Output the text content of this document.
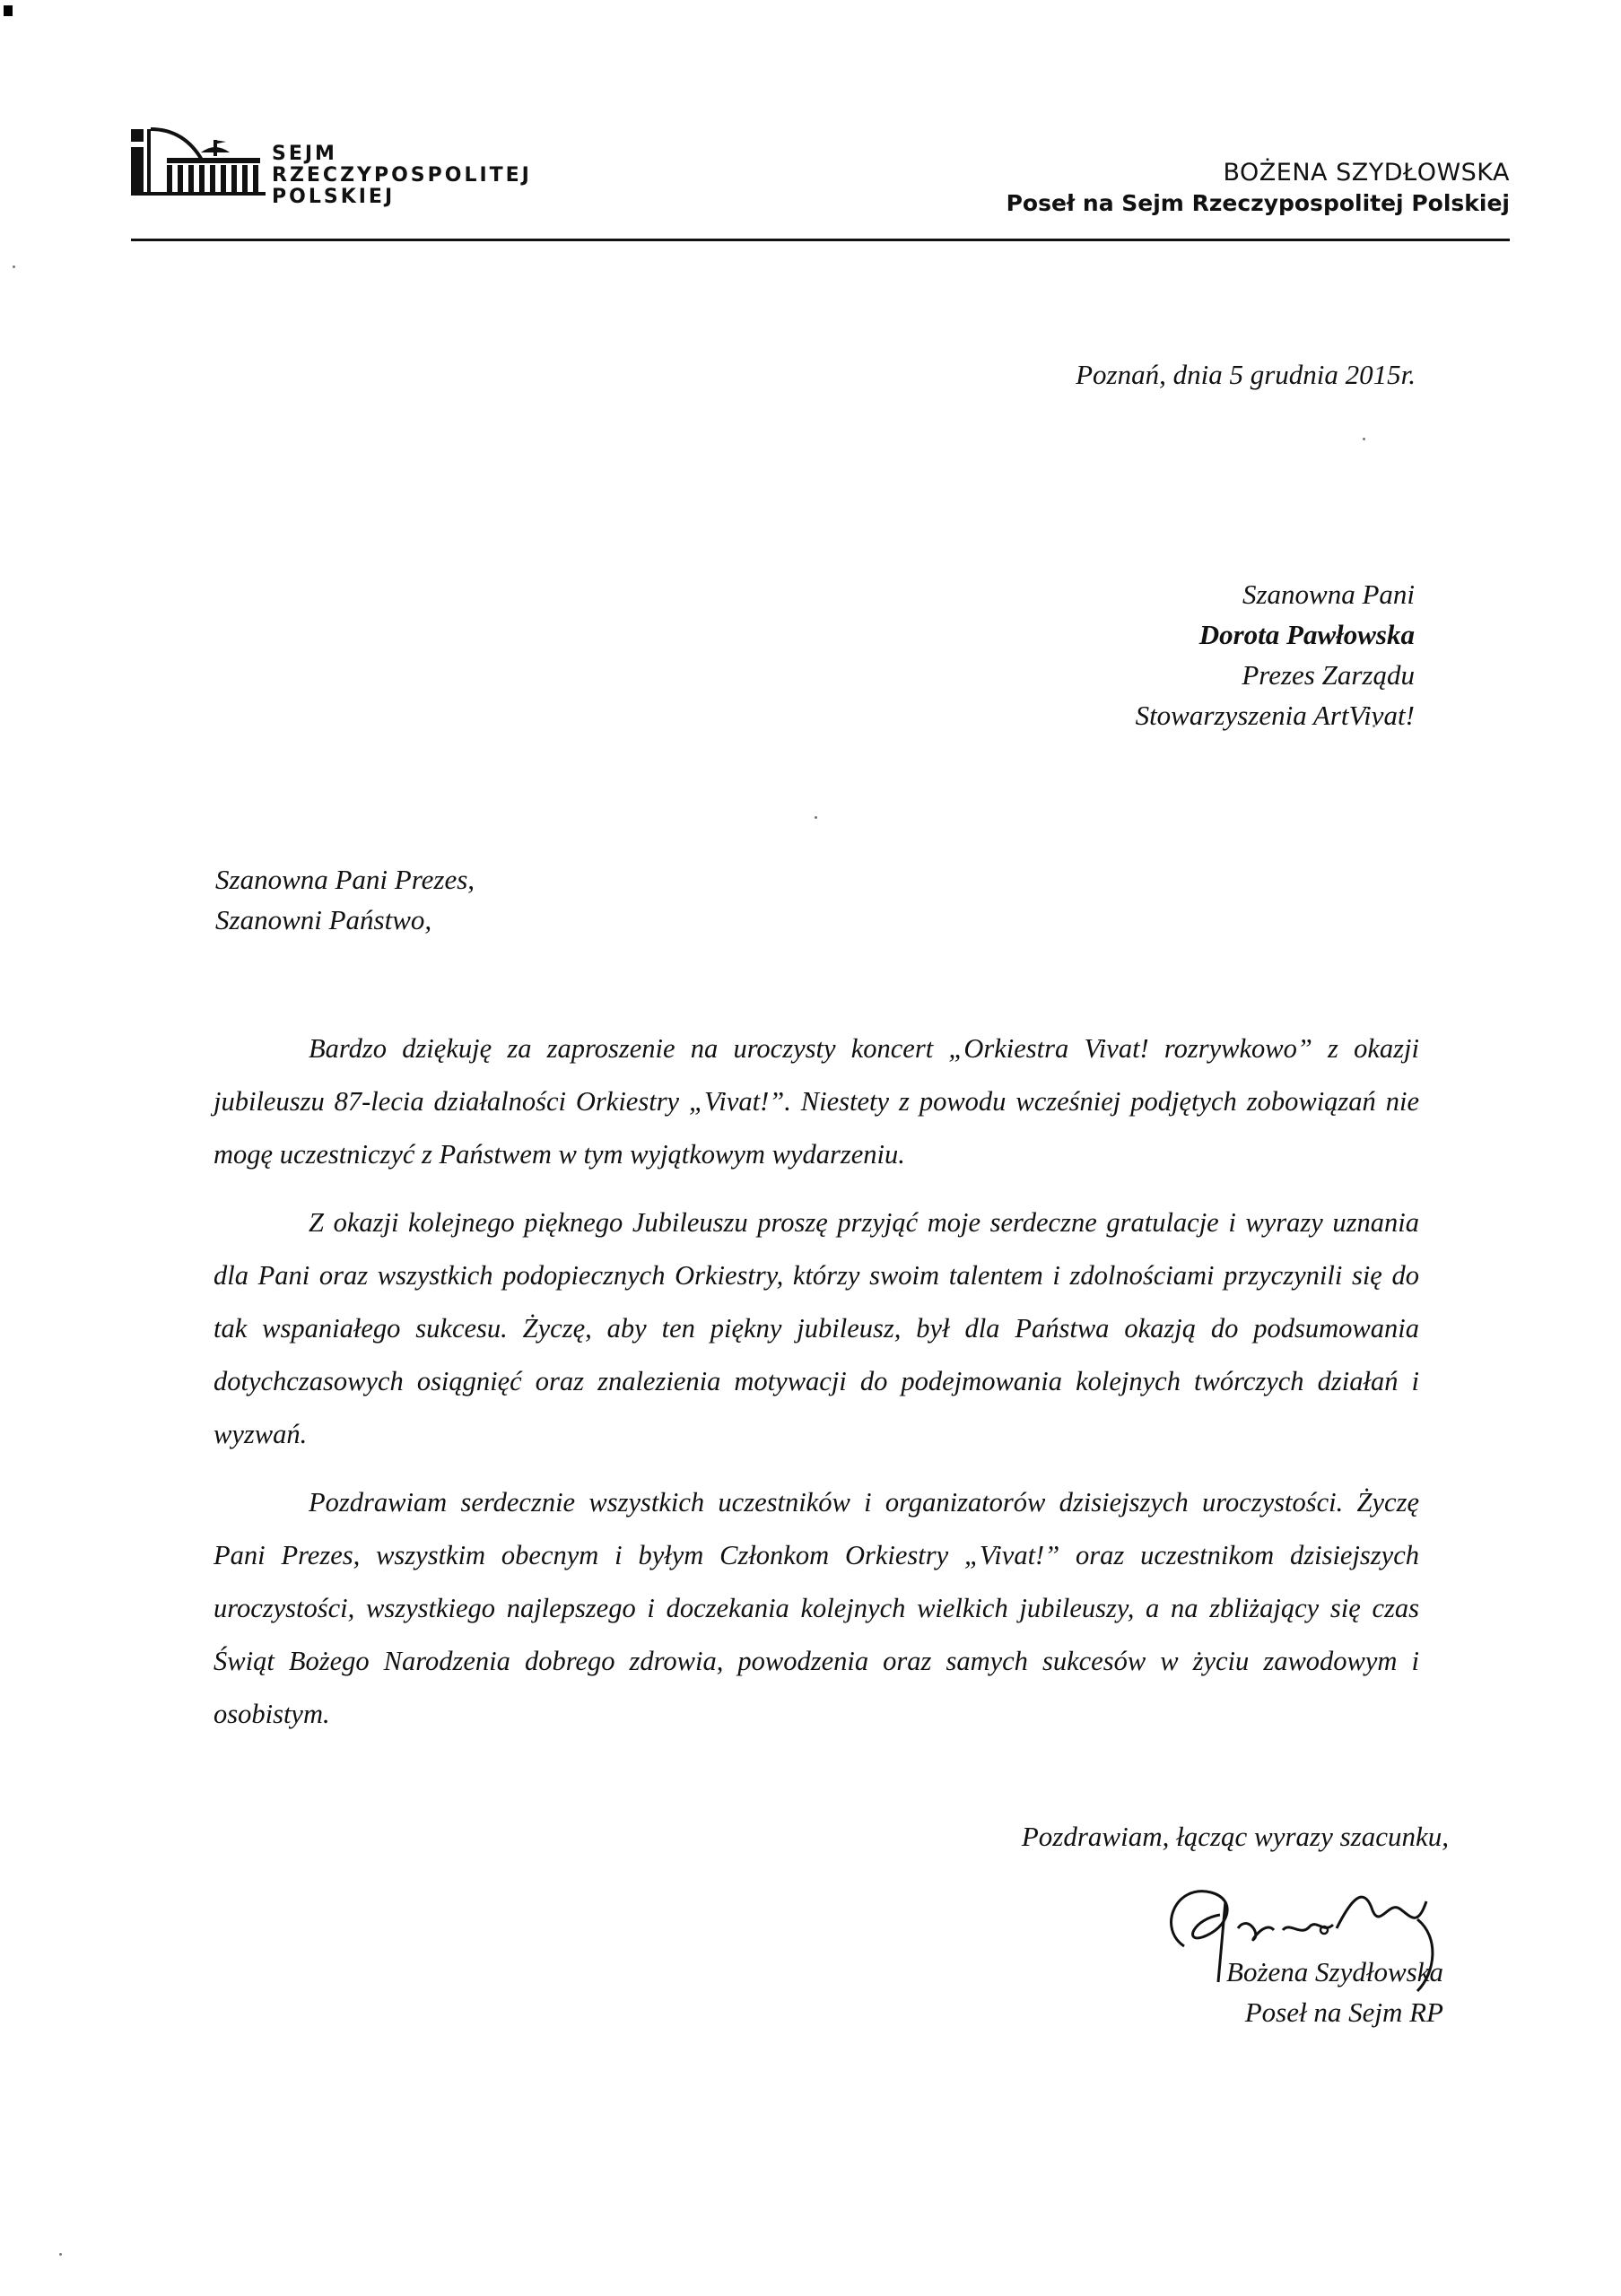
SEJM
RZECZYPOSPOLITEJ
POLSKIEJ
BOŻENA SZYDŁOWSKA
Poseł na Sejm Rzeczypospolitej Polskiej
Poznań, dnia 5 grudnia 2015r.
Szanowna Pani
Dorota Pawłowska
Prezes Zarządu
Stowarzyszenia ArtVivat!
Szanowna Pani Prezes,
Szanowni Państwo,

Bardzo dziękuję za zaproszenie na uroczysty koncert „Orkiestra Vivat! rozrywkowo” z okazji jubileuszu 87-lecia działalności Orkiestry „Vivat!”. Niestety z powodu wcześniej podjętych zobowiązań nie mogę uczestniczyć z Państwem w tym wyjątkowym wydarzeniu.

Z okazji kolejnego pięknego Jubileuszu proszę przyjąć moje serdeczne gratulacje i wyrazy uznania dla Pani oraz wszystkich podopiecznych Orkiestry, którzy swoim talentem i zdolnościami przyczynili się do tak wspaniałego sukcesu. Życzę, aby ten piękny jubileusz, był dla Państwa okazją do podsumowania dotychczasowych osiągnięć oraz znalezienia motywacji do podejmowania kolejnych twórczych działań i wyzwań.

Pozdrawiam serdecznie wszystkich uczestników i organizatorów dzisiejszych uroczystości. Życzę Pani Prezes, wszystkim obecnym i byłym Członkom Orkiestry „Vivat!” oraz uczestnikom dzisiejszych uroczystości, wszystkiego najlepszego i doczekania kolejnych wielkich jubileuszy, a na zbliżający się czas Świąt Bożego Narodzenia dobrego zdrowia, powodzenia oraz samych sukcesów w życiu zawodowym i osobistym.

Pozdrawiam, łącząc wyrazy szacunku,
Bożena Szydłowska
Poseł na Sejm RP
